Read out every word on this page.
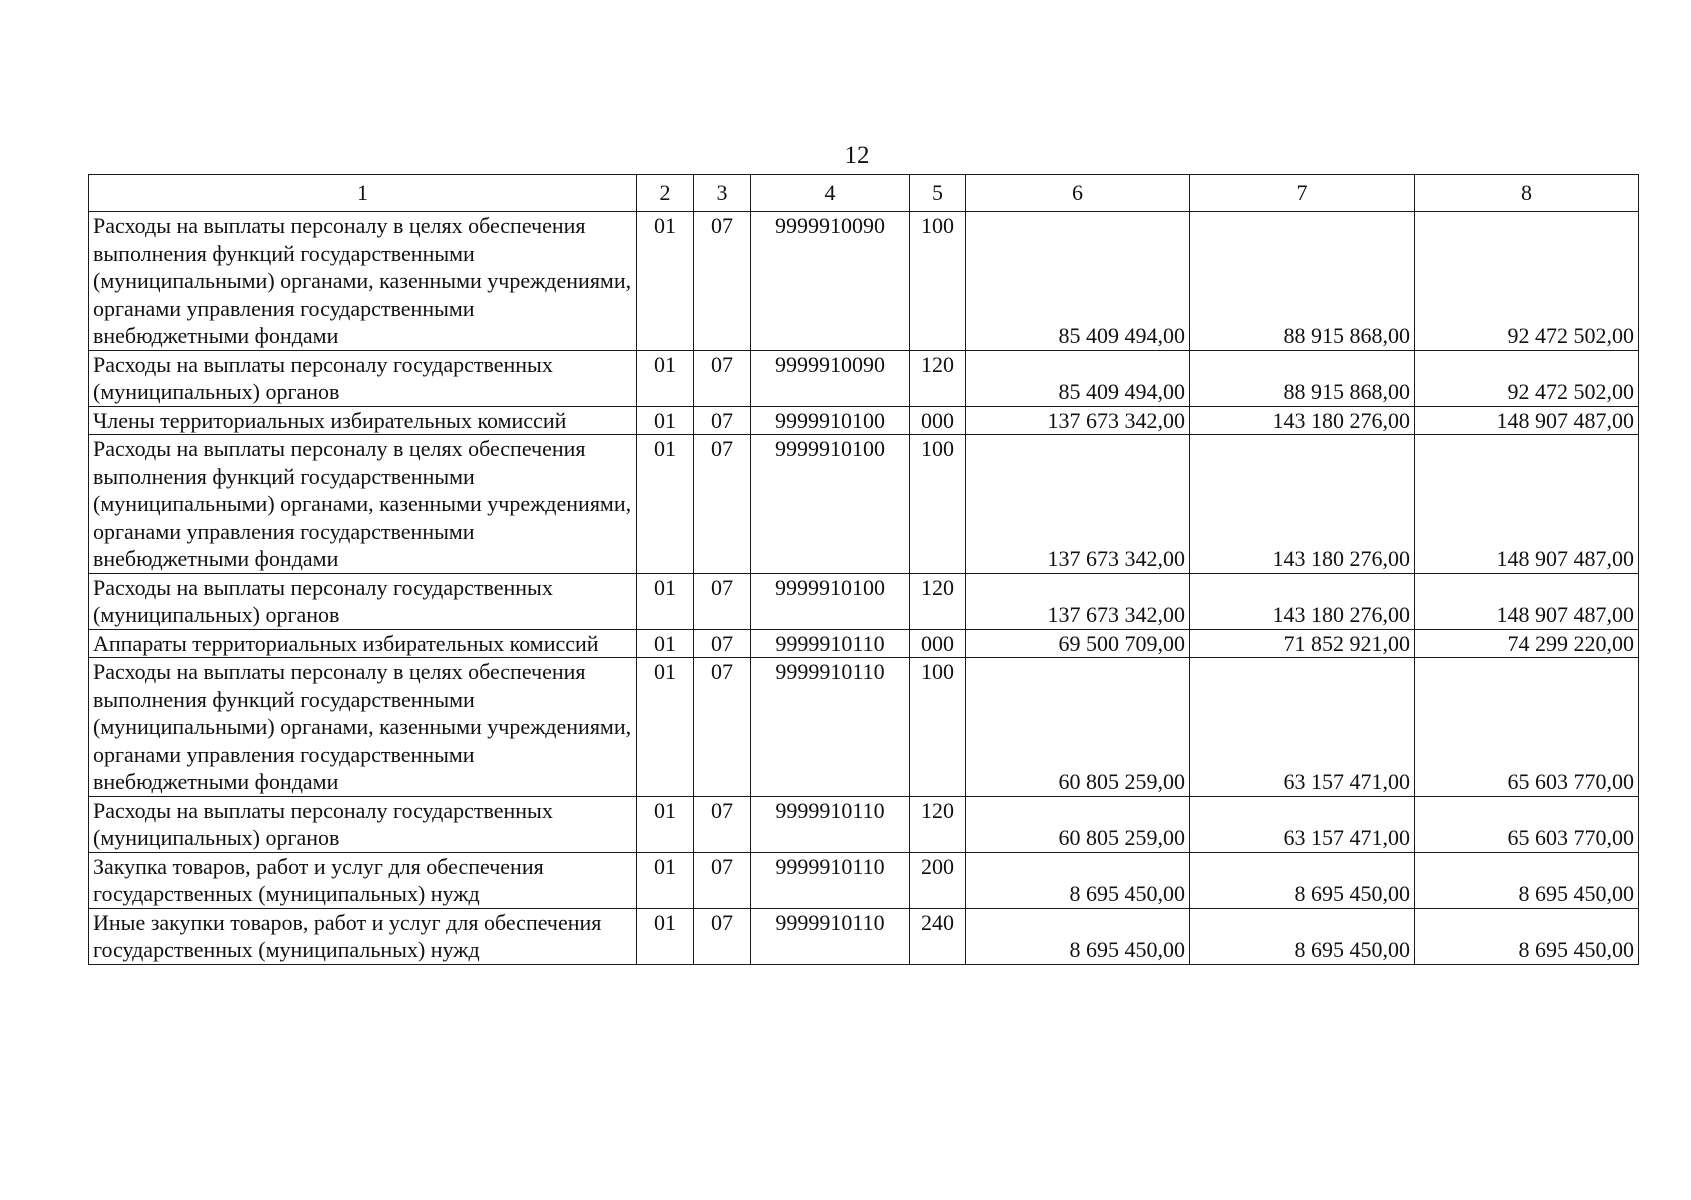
12
1	2	3	4	5	6	7	8
Расходы на выплаты персоналу в целях обеспечения выполнения функций государственными (муниципальными) органами, казенными учреждениями, органами управления государственными внебюджетными фондами	01	07	9999910090	100	85 409 494,00	88 915 868,00	92 472 502,00
Расходы на выплаты персоналу государственных (муниципальных) органов	01	07	9999910090	120	85 409 494,00	88 915 868,00	92 472 502,00
Члены территориальных избирательных комиссий	01	07	9999910100	000	137 673 342,00	143 180 276,00	148 907 487,00
Расходы на выплаты персоналу в целях обеспечения выполнения функций государственными (муниципальными) органами, казенными учреждениями, органами управления государственными внебюджетными фондами	01	07	9999910100	100	137 673 342,00	143 180 276,00	148 907 487,00
Расходы на выплаты персоналу государственных (муниципальных) органов	01	07	9999910100	120	137 673 342,00	143 180 276,00	148 907 487,00
Аппараты территориальных избирательных комиссий	01	07	9999910110	000	69 500 709,00	71 852 921,00	74 299 220,00
Расходы на выплаты персоналу в целях обеспечения выполнения функций государственными (муниципальными) органами, казенными учреждениями, органами управления государственными внебюджетными фондами	01	07	9999910110	100	60 805 259,00	63 157 471,00	65 603 770,00
Расходы на выплаты персоналу государственных (муниципальных) органов	01	07	9999910110	120	60 805 259,00	63 157 471,00	65 603 770,00
Закупка товаров, работ и услуг для обеспечения государственных (муниципальных) нужд	01	07	9999910110	200	8 695 450,00	8 695 450,00	8 695 450,00
Иные закупки товаров, работ и услуг для обеспечения государственных (муниципальных) нужд	01	07	9999910110	240	8 695 450,00	8 695 450,00	8 695 450,00
